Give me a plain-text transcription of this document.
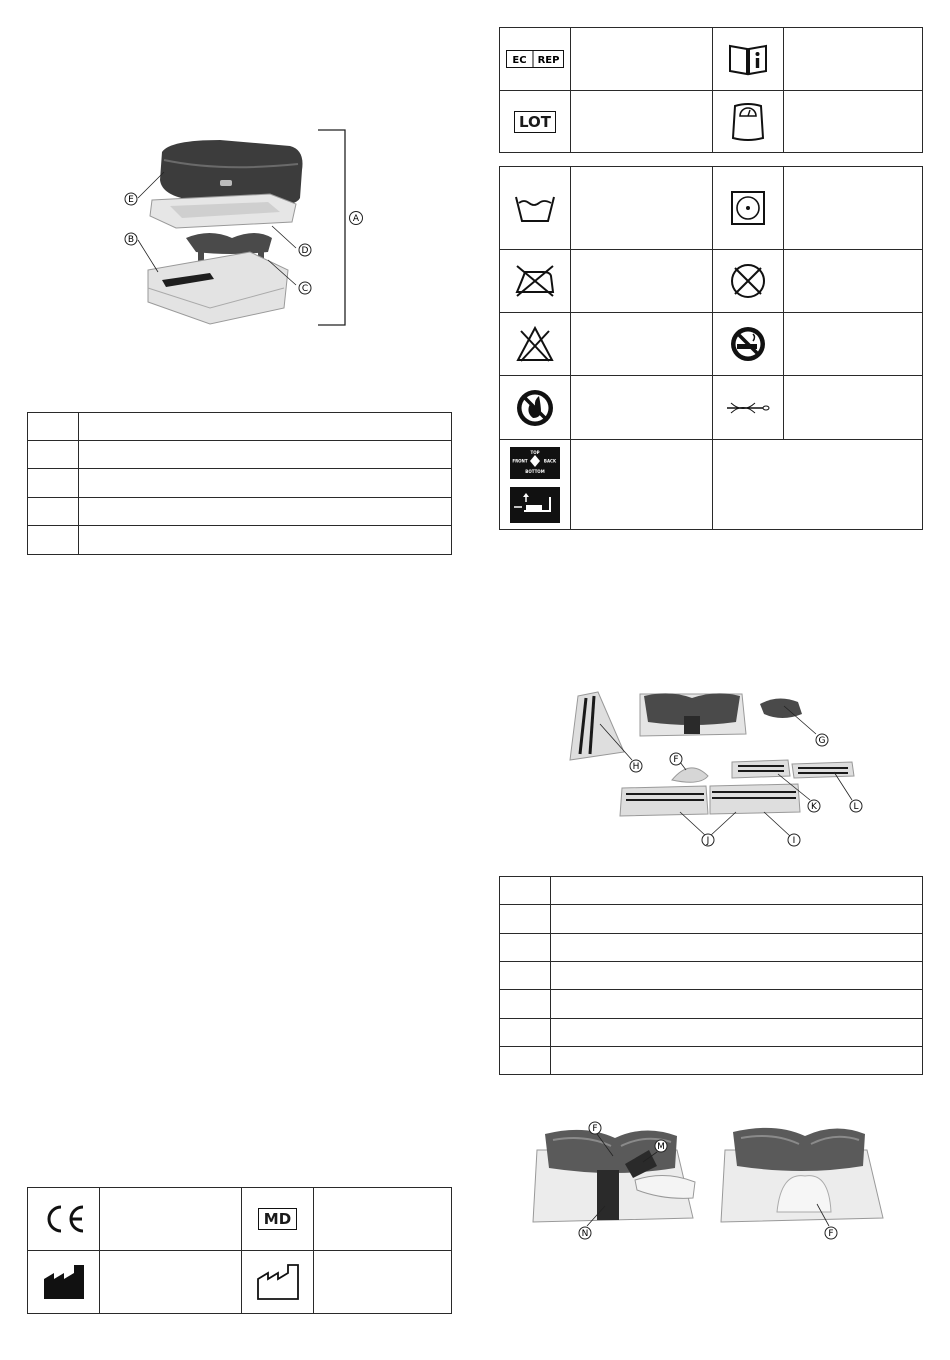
E
B
D
C
A

EC REP

LOT

TOP
FRONT BACK
BOTTOM			

F
G
H
I
J
K	L

F
M
N	F

MD	
